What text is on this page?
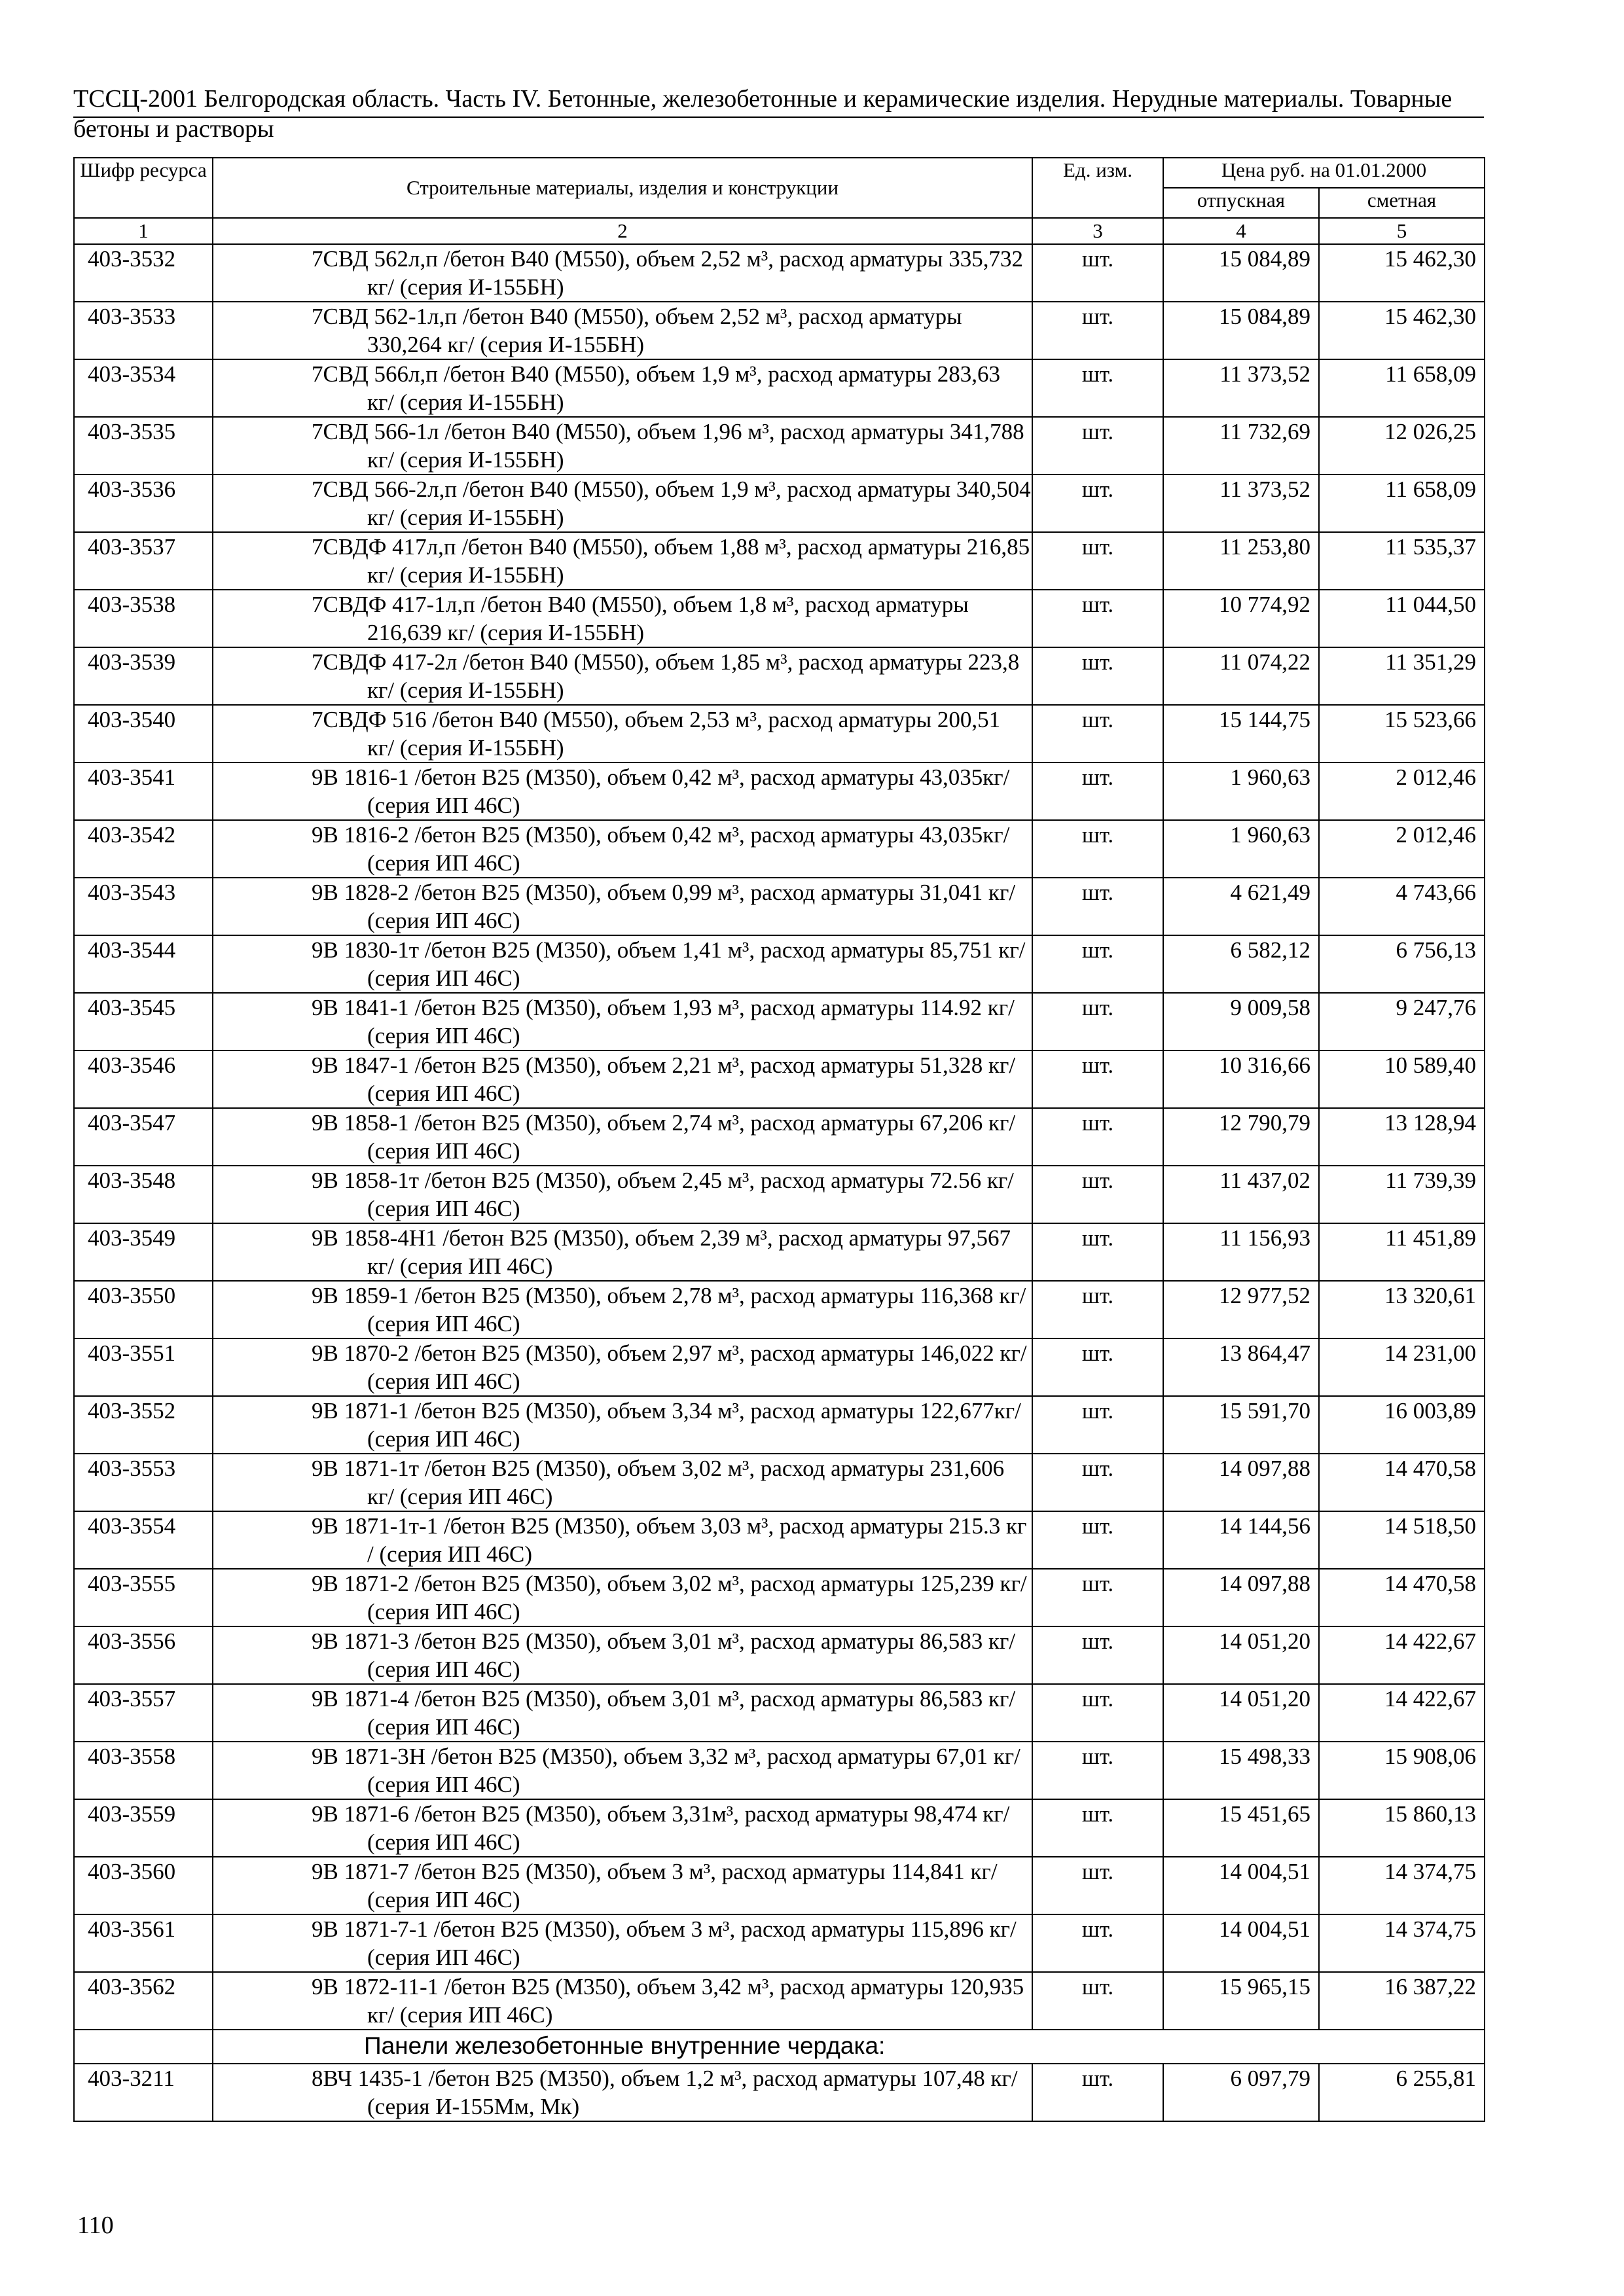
ТССЦ-2001 Белгородская область. Часть IV. Бетонные, железобетонные и керамические изделия. Нерудные материалы. Товарные бетоны и растворы
Шифр ресурса	Строительные материалы, изделия и конструкции	Ед. изм.	Цена руб. на 01.01.2000	
			отпускная	сметная
1	2	3	4	5
403-3532	7СВД 562л,п /бетон В40 (М550), объем 2,52 м³, расход арматуры 335,732 кг/ (серия И-155БН)	шт.	15 084,89	15 462,30
403-3533	7СВД 562-1л,п /бетон В40 (М550), объем 2,52 м³, расход арматуры 330,264 кг/ (серия И-155БН)	шт.	15 084,89	15 462,30
403-3534	7СВД 566л,п /бетон В40 (М550), объем 1,9 м³, расход арматуры 283,63 кг/ (серия И-155БН)	шт.	11 373,52	11 658,09
403-3535	7СВД 566-1л /бетон В40 (М550), объем 1,96 м³, расход арматуры 341,788 кг/ (серия И-155БН)	шт.	11 732,69	12 026,25
403-3536	7СВД 566-2л,п /бетон В40 (М550), объем 1,9 м³, расход арматуры 340,504 кг/ (серия И-155БН)	шт.	11 373,52	11 658,09
403-3537	7СВДФ 417л,п /бетон В40 (М550), объем 1,88 м³, расход арматуры 216,85 кг/ (серия И-155БН)	шт.	11 253,80	11 535,37
403-3538	7СВДФ 417-1л,п /бетон В40 (М550), объем 1,8 м³, расход арматуры 216,639 кг/ (серия И-155БН)	шт.	10 774,92	11 044,50
403-3539	7СВДФ 417-2л /бетон В40 (М550), объем 1,85 м³, расход арматуры 223,8 кг/ (серия И-155БН)	шт.	11 074,22	11 351,29
403-3540	7СВДФ 516 /бетон В40 (М550), объем 2,53 м³, расход арматуры 200,51 кг/ (серия И-155БН)	шт.	15 144,75	15 523,66
403-3541	9В 1816-1 /бетон В25 (М350), объем 0,42 м³, расход арматуры 43,035кг/ (серия ИП 46С)	шт.	1 960,63	2 012,46
403-3542	9В 1816-2 /бетон В25 (М350), объем 0,42 м³, расход арматуры 43,035кг/ (серия ИП 46С)	шт.	1 960,63	2 012,46
403-3543	9В 1828-2 /бетон В25 (М350), объем 0,99 м³, расход арматуры 31,041 кг/ (серия ИП 46С)	шт.	4 621,49	4 743,66
403-3544	9В 1830-1т /бетон В25 (М350), объем 1,41 м³, расход арматуры 85,751 кг/ (серия ИП 46С)	шт.	6 582,12	6 756,13
403-3545	9В 1841-1 /бетон В25 (М350), объем 1,93 м³, расход арматуры 114.92 кг/ (серия ИП 46С)	шт.	9 009,58	9 247,76
403-3546	9В 1847-1 /бетон В25 (М350), объем 2,21 м³, расход арматуры 51,328 кг/ (серия ИП 46С)	шт.	10 316,66	10 589,40
403-3547	9В 1858-1 /бетон В25 (М350), объем 2,74 м³, расход арматуры 67,206 кг/ (серия ИП 46С)	шт.	12 790,79	13 128,94
403-3548	9В 1858-1т /бетон В25 (М350), объем 2,45 м³, расход арматуры 72.56 кг/ (серия ИП 46С)	шт.	11 437,02	11 739,39
403-3549	9В 1858-4Н1 /бетон В25 (М350), объем 2,39 м³, расход арматуры 97,567 кг/ (серия ИП 46С)	шт.	11 156,93	11 451,89
403-3550	9В 1859-1 /бетон В25 (М350), объем 2,78 м³, расход арматуры 116,368 кг/ (серия ИП 46С)	шт.	12 977,52	13 320,61
403-3551	9В 1870-2 /бетон В25 (М350), объем 2,97 м³, расход арматуры 146,022 кг/ (серия ИП 46С)	шт.	13 864,47	14 231,00
403-3552	9В 1871-1 /бетон В25 (М350), объем 3,34 м³, расход арматуры 122,677кг/ (серия ИП 46С)	шт.	15 591,70	16 003,89
403-3553	9В 1871-1т /бетон В25 (М350), объем 3,02 м³, расход арматуры 231,606 кг/ (серия ИП 46С)	шт.	14 097,88	14 470,58
403-3554	9В 1871-1т-1 /бетон В25 (М350), объем 3,03 м³, расход арматуры 215.3 кг / (серия ИП 46С)	шт.	14 144,56	14 518,50
403-3555	9В 1871-2 /бетон В25 (М350), объем 3,02 м³, расход арматуры 125,239 кг/ (серия ИП 46С)	шт.	14 097,88	14 470,58
403-3556	9В 1871-3 /бетон В25 (М350), объем 3,01 м³, расход арматуры 86,583 кг/ (серия ИП 46С)	шт.	14 051,20	14 422,67
403-3557	9В 1871-4 /бетон В25 (М350), объем 3,01 м³, расход арматуры 86,583 кг/ (серия ИП 46С)	шт.	14 051,20	14 422,67
403-3558	9В 1871-3Н /бетон В25 (М350), объем 3,32 м³, расход арматуры 67,01 кг/ (серия ИП 46С)	шт.	15 498,33	15 908,06
403-3559	9В 1871-6 /бетон В25 (М350), объем 3,31м³, расход арматуры 98,474 кг/ (серия ИП 46С)	шт.	15 451,65	15 860,13
403-3560	9В 1871-7 /бетон В25 (М350), объем 3 м³, расход арматуры 114,841 кг/ (серия ИП 46С)	шт.	14 004,51	14 374,75
403-3561	9В 1871-7-1 /бетон В25 (М350), объем 3 м³, расход арматуры 115,896 кг/ (серия ИП 46С)	шт.	14 004,51	14 374,75
403-3562	9В 1872-11-1 /бетон В25 (М350), объем 3,42 м³, расход арматуры 120,935 кг/ (серия ИП 46С)	шт.	15 965,15	16 387,22
	Панели железобетонные внутренние чердака:			
403-3211	8ВЧ 1435-1 /бетон В25 (М350), объем 1,2 м³, расход арматуры 107,48 кг/ (серия И-155Мм, Мк)	шт.	6 097,79	6 255,81
110
